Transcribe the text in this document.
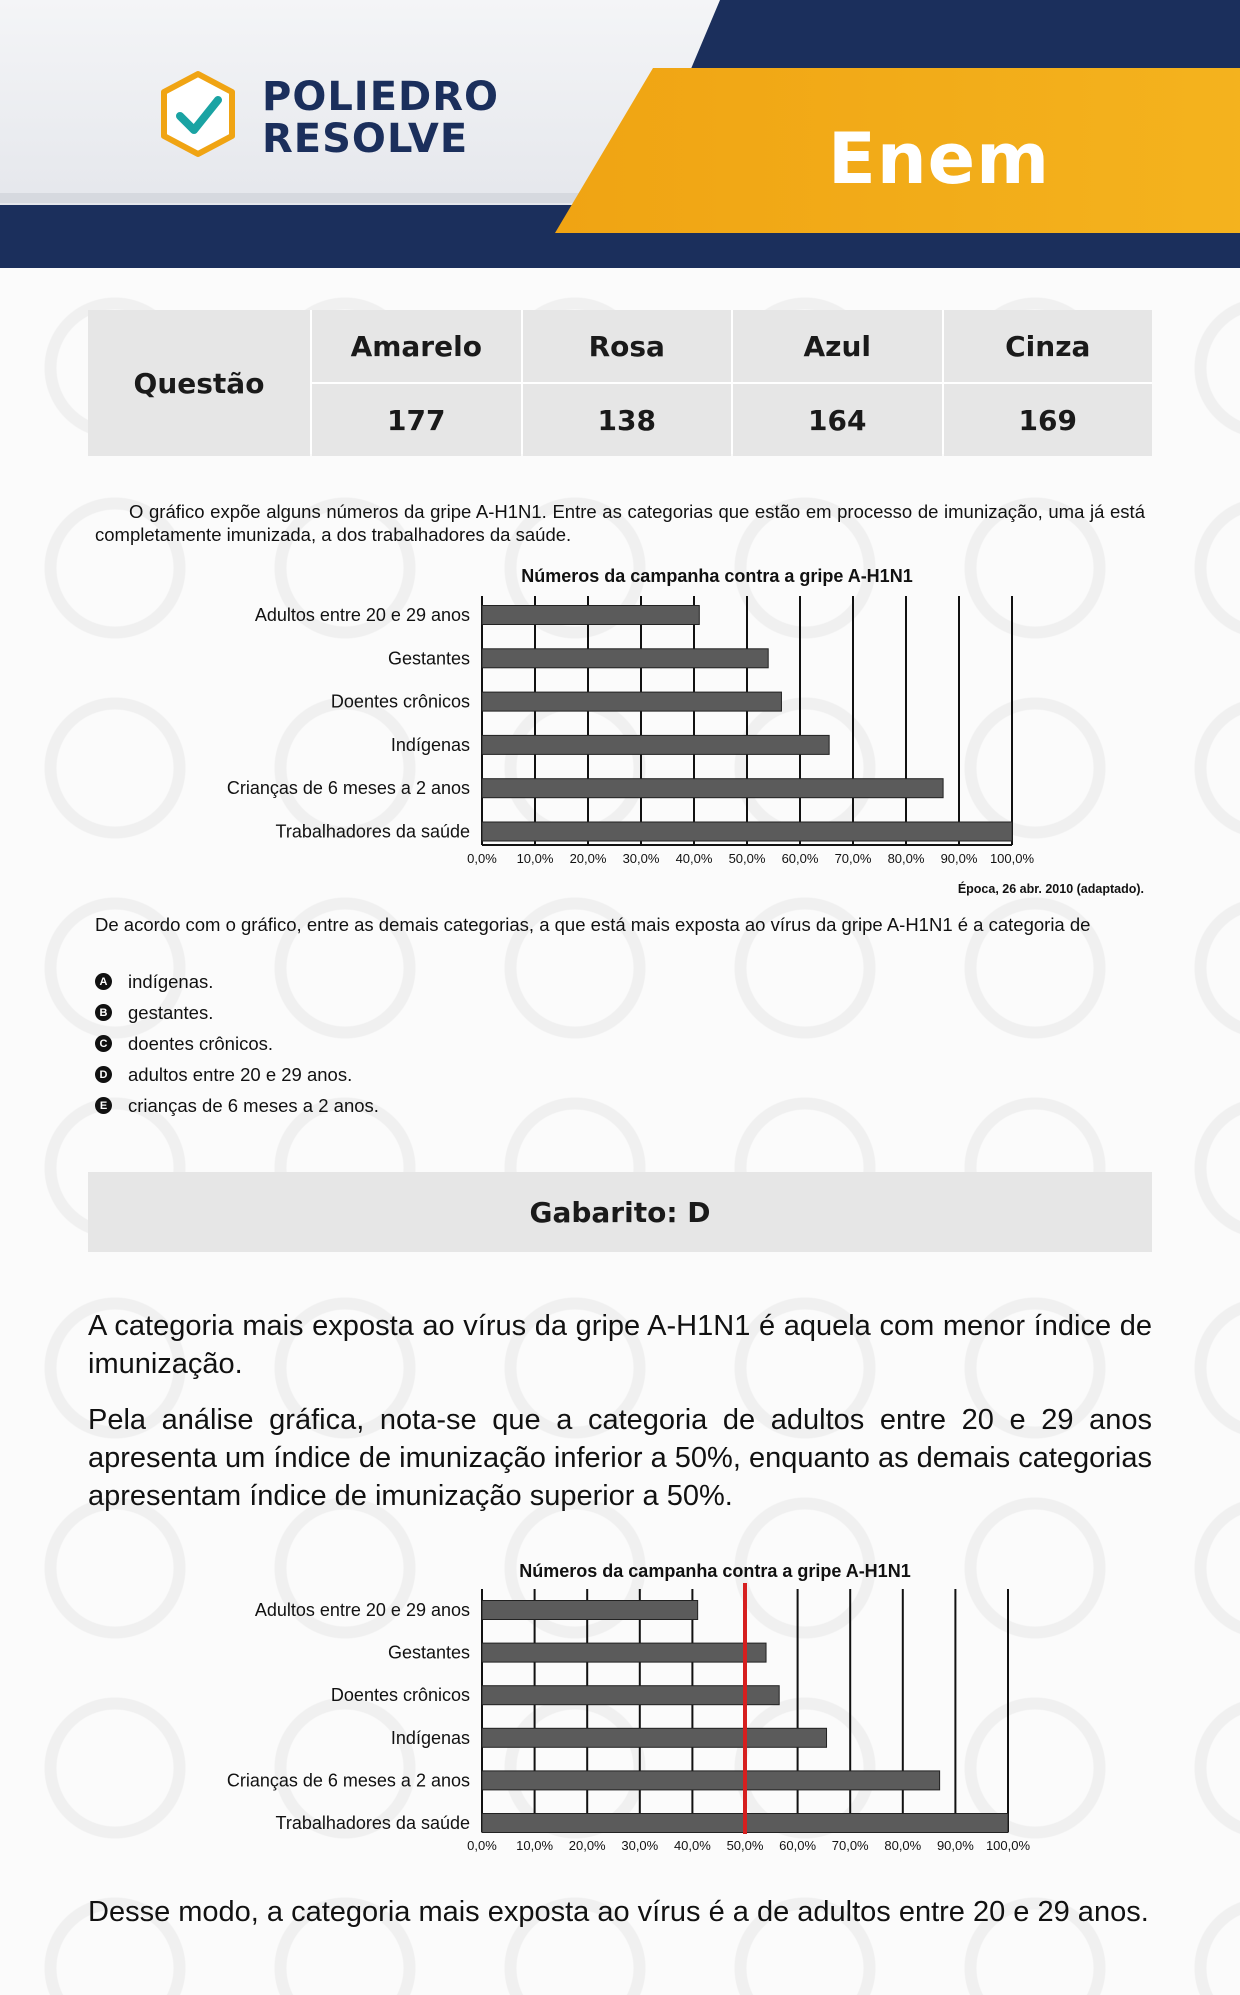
POLIEDRO
RESOLVE	Enem
Questão
Amarelo	Rosa	Azul	Cinza
177	138	164	169
O gráfico expõe alguns números da gripe A-H1N1. Entre as categorias que estão em processo de imunização, uma já está completamente imunizada, a dos trabalhadores da saúde.
Números da campanha contra a gripe A-H1N1
0,0% 10,0% 20,0% 30,0% 40,0% 50,0% 60,0% 70,0% 80,0% 90,0% 100,0%
Adultos entre 20 e 29 anos
Gestantes
Doentes crônicos
Indígenas
Crianças de 6 meses a 2 anos
Trabalhadores da saúde
Época, 26 abr. 2010 (adaptado).
De acordo com o gráfico, entre as demais categorias, a que está mais exposta ao vírus da gripe A-H1N1 é a categoria de
A indígenas.
B gestantes.
C doentes crônicos.
D adultos entre 20 e 29 anos.
E crianças de 6 meses a 2 anos.
Gabarito: D
A categoria mais exposta ao vírus da gripe A-H1N1 é aquela com menor índice de imunização.
Pela análise gráfica, nota-se que a categoria de adultos entre 20 e 29 anos apresenta um índice de imunização inferior a 50%, enquanto as demais categorias apresentam índice de imunização superior a 50%.
Números da campanha contra a gripe A-H1N1
0,0% 10,0% 20,0% 30,0% 40,0% 50,0% 60,0% 70,0% 80,0% 90,0% 100,0%
Adultos entre 20 e 29 anos
Gestantes
Doentes crônicos
Indígenas
Crianças de 6 meses a 2 anos
Trabalhadores da saúde
Desse modo, a categoria mais exposta ao vírus é a de adultos entre 20 e 29 anos.
